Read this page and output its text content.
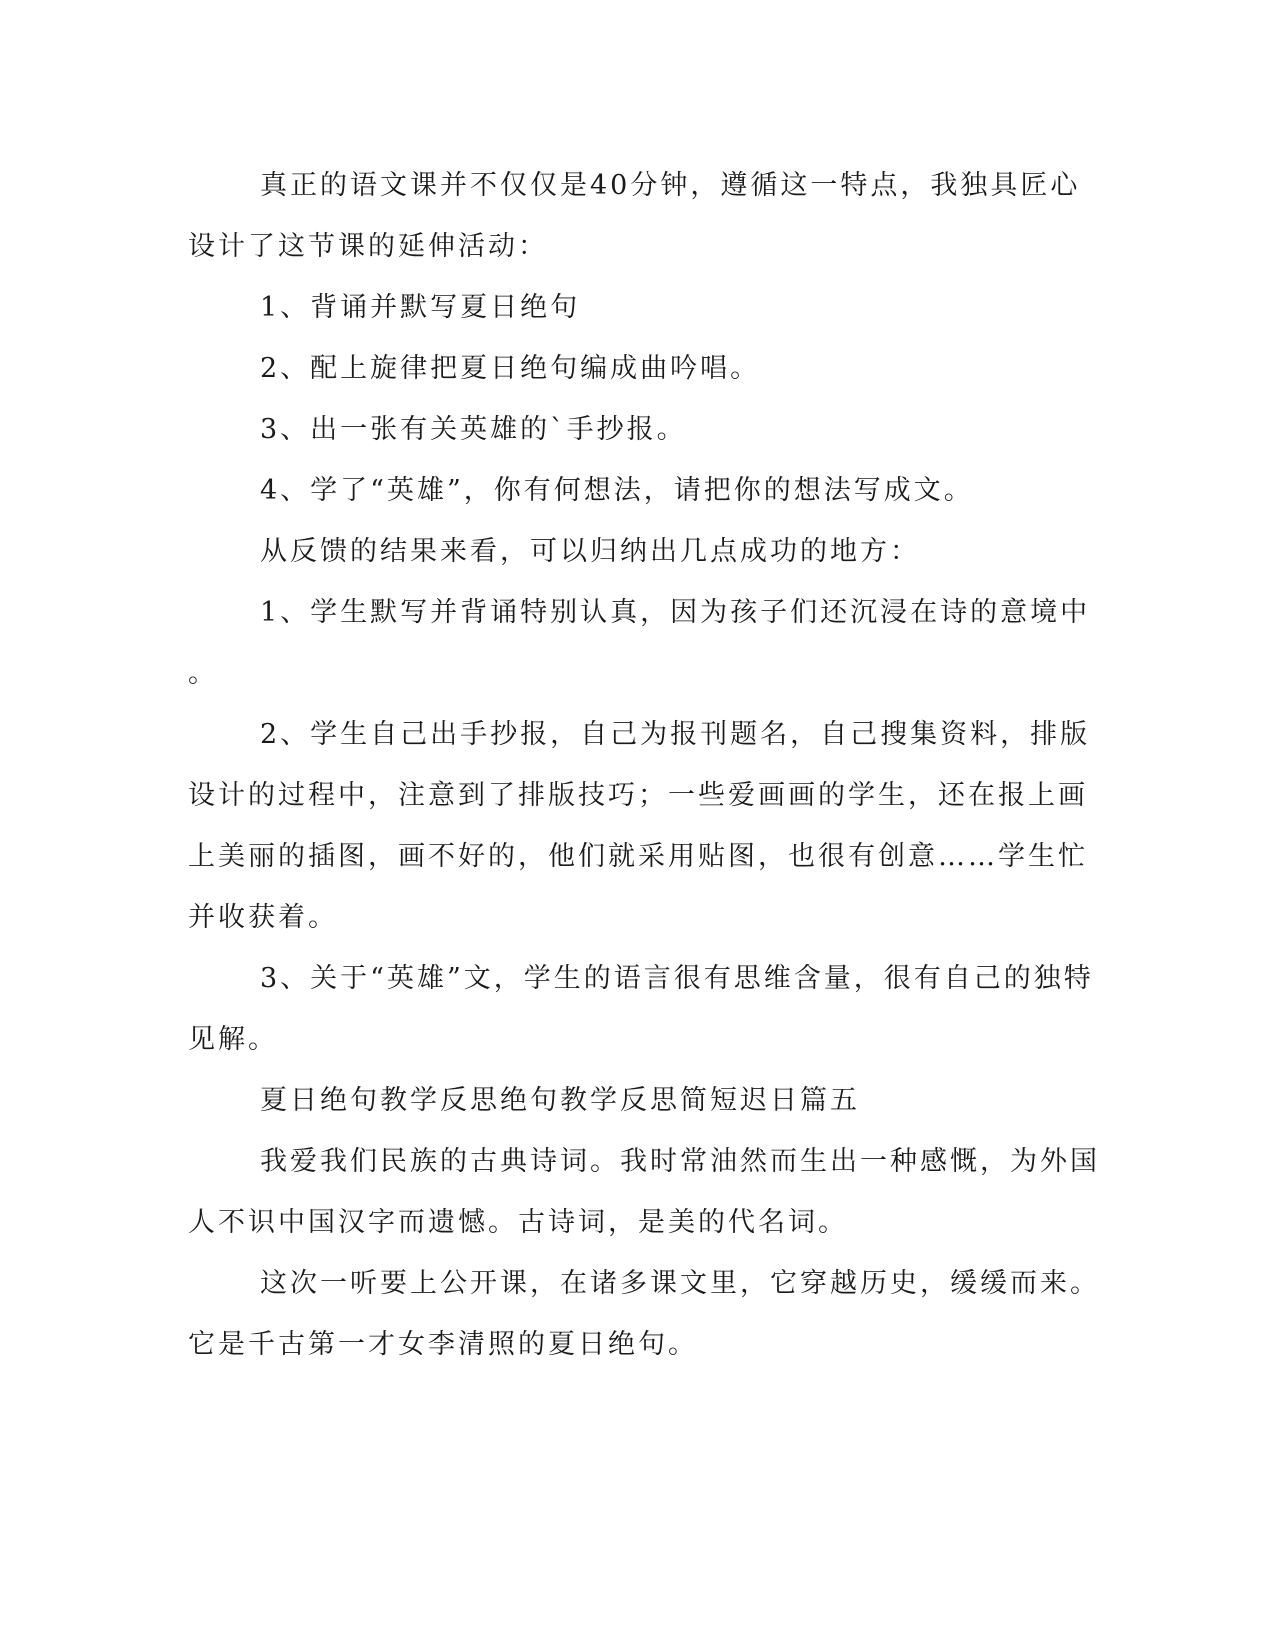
真正的语文课并不仅仅是40分钟，遵循这一特点，我独具匠心
设计了这节课的延伸活动：

1、背诵并默写夏日绝句

2、配上旋律把夏日绝句编成曲吟唱。

3、出一张有关英雄的`手抄报。

4、学了“英雄”，你有何想法，请把你的想法写成文。

从反馈的结果来看，可以归纳出几点成功的地方：

1、学生默写并背诵特别认真，因为孩子们还沉浸在诗的意境中
。

2、学生自己出手抄报，自己为报刊题名，自己搜集资料，排版
设计的过程中，注意到了排版技巧；一些爱画画的学生，还在报上画
上美丽的插图，画不好的，他们就采用贴图，也很有创意……学生忙
并收获着。

3、关于“英雄”文，学生的语言很有思维含量，很有自己的独特
见解。

夏日绝句教学反思绝句教学反思简短迟日篇五

我爱我们民族的古典诗词。我时常油然而生出一种感慨，为外国
人不识中国汉字而遗憾。古诗词，是美的代名词。

这次一听要上公开课，在诸多课文里，它穿越历史，缓缓而来。
它是千古第一才女李清照的夏日绝句。
